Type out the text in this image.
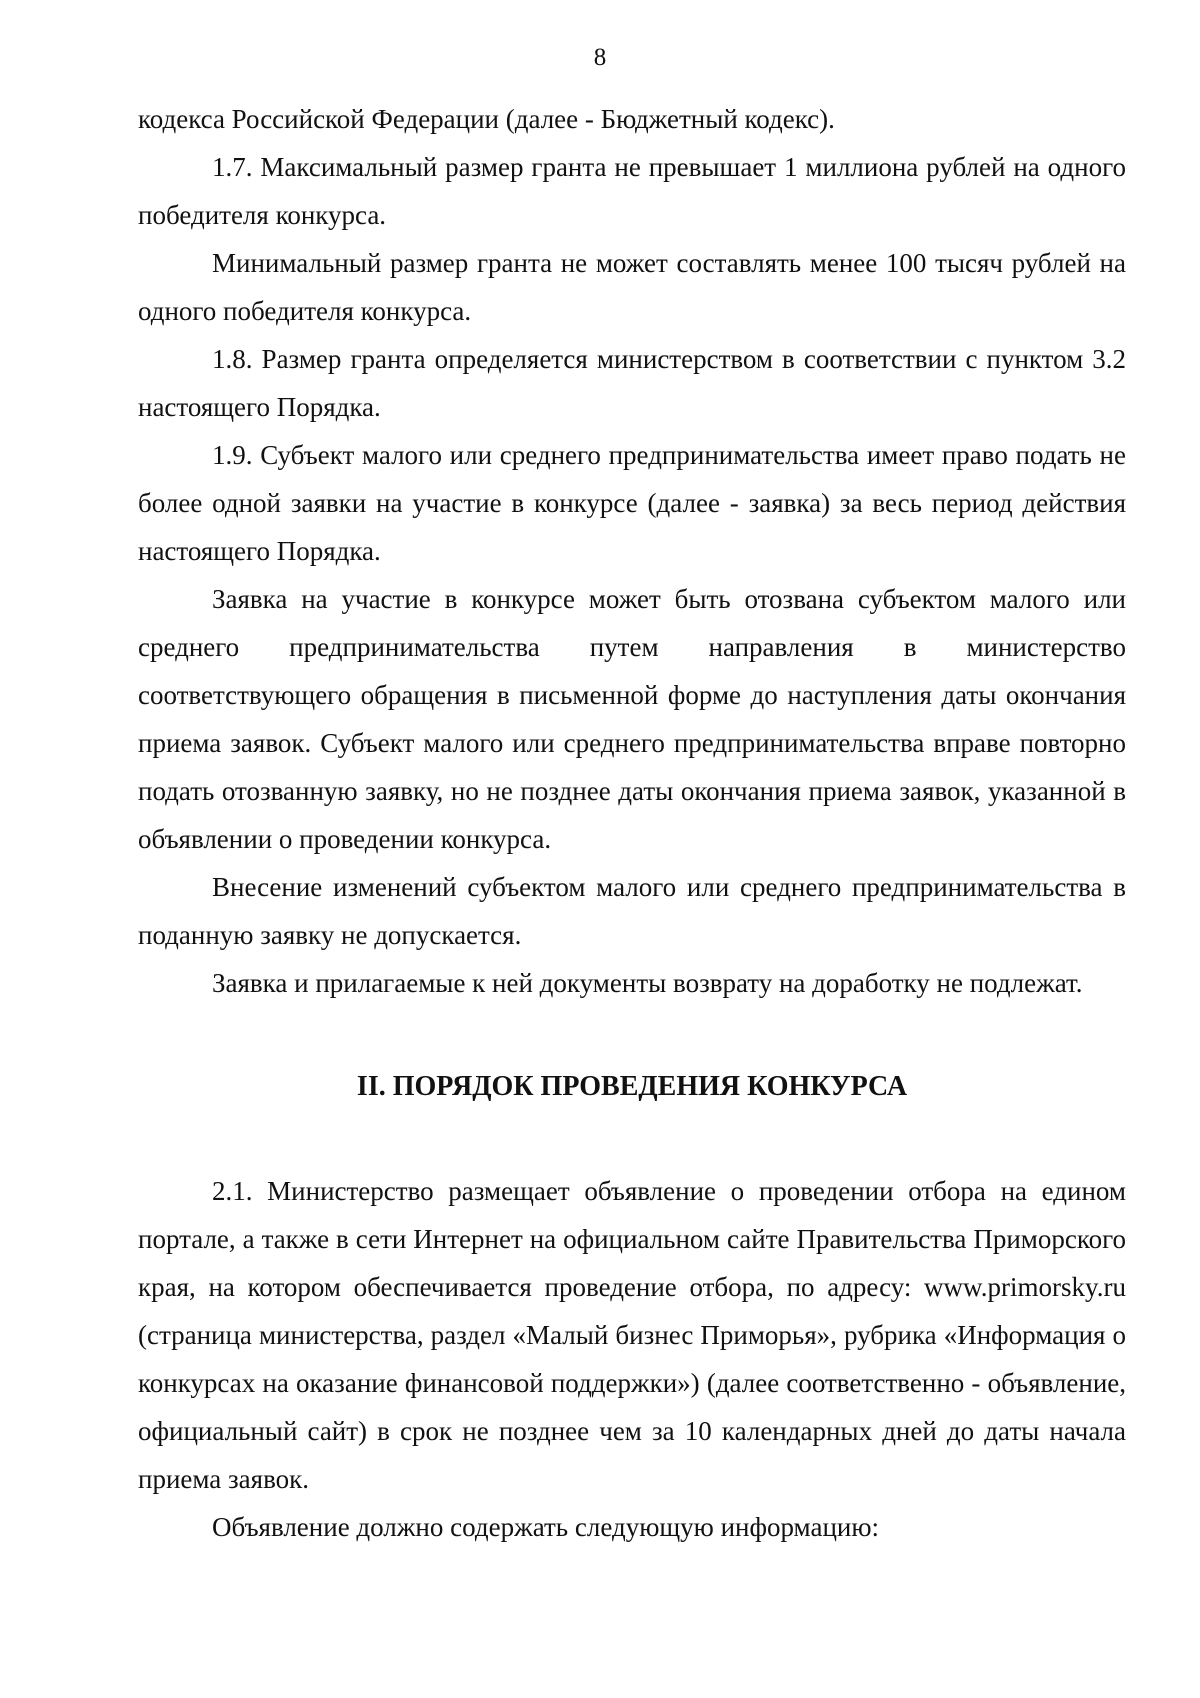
8

кодекса Российской Федерации (далее - Бюджетный кодекс).

1.7. Максимальный размер гранта не превышает 1 миллиона рублей на одного победителя конкурса.

Минимальный размер гранта не может составлять менее 100 тысяч рублей на одного победителя конкурса.

1.8. Размер гранта определяется министерством в соответствии с пунктом 3.2 настоящего Порядка.

1.9. Субъект малого или среднего предпринимательства имеет право подать не более одной заявки на участие в конкурсе (далее - заявка) за весь период действия настоящего Порядка.

Заявка на участие в конкурсе может быть отозвана субъектом малого или среднего предпринимательства путем направления в министерство соответствующего обращения в письменной форме до наступления даты окончания приема заявок. Субъект малого или среднего предпринимательства вправе повторно подать отозванную заявку, но не позднее даты окончания приема заявок, указанной в объявлении о проведении конкурса.

Внесение изменений субъектом малого или среднего предпринимательства в поданную заявку не допускается.

Заявка и прилагаемые к ней документы возврату на доработку не подлежат.

II. ПОРЯДОК ПРОВЕДЕНИЯ КОНКУРСА

2.1. Министерство размещает объявление о проведении отбора на едином портале, а также в сети Интернет на официальном сайте Правительства Приморского края, на котором обеспечивается проведение отбора, по адресу: www.primorsky.ru (страница министерства, раздел «Малый бизнес Приморья», рубрика «Информация о конкурсах на оказание финансовой поддержки») (далее соответственно - объявление, официальный сайт) в срок не позднее чем за 10 календарных дней до даты начала приема заявок.

Объявление должно содержать следующую информацию:
